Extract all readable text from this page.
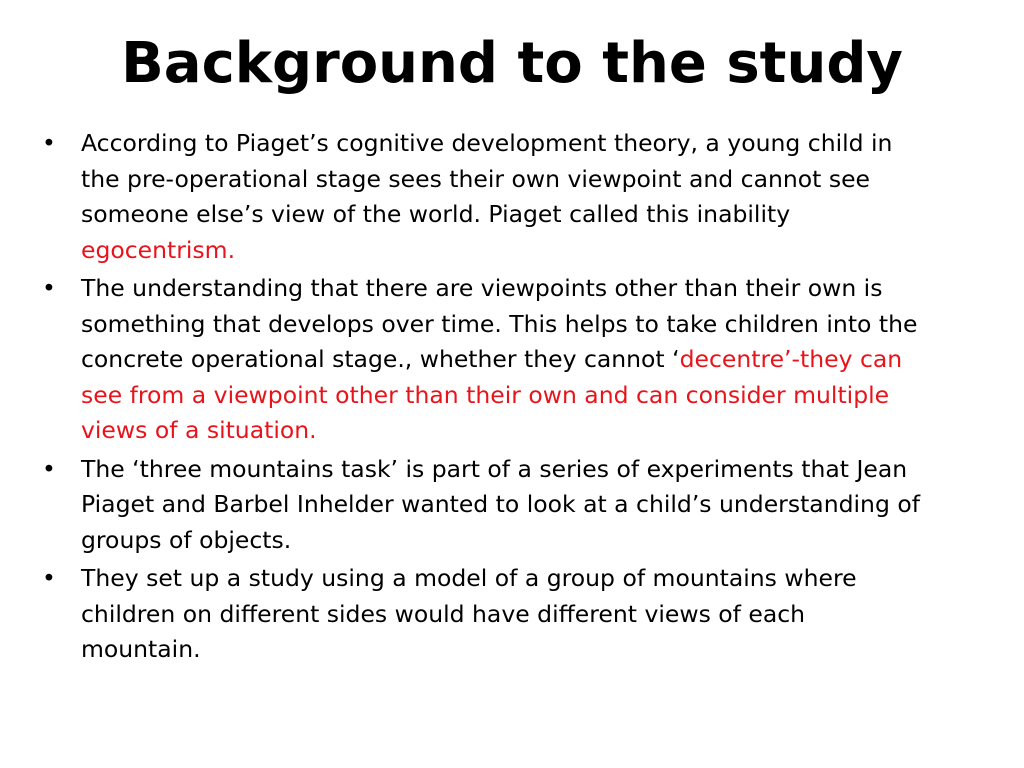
Background to the study
• According to Piaget’s cognitive development theory, a young child in the pre-operational stage sees their own viewpoint and cannot see someone else’s view of the world. Piaget called this inability egocentrism.
• The understanding that there are viewpoints other than their own is something that develops over time. This helps to take children into the concrete operational stage., whether they cannot ‘decentre’-they can see from a viewpoint other than their own and can consider multiple views of a situation.
• The ‘three mountains task’ is part of a series of experiments that Jean Piaget and Barbel Inhelder wanted to look at a child’s understanding of groups of objects.
• They set up a study using a model of a group of mountains where children on different sides would have different views of each mountain.
